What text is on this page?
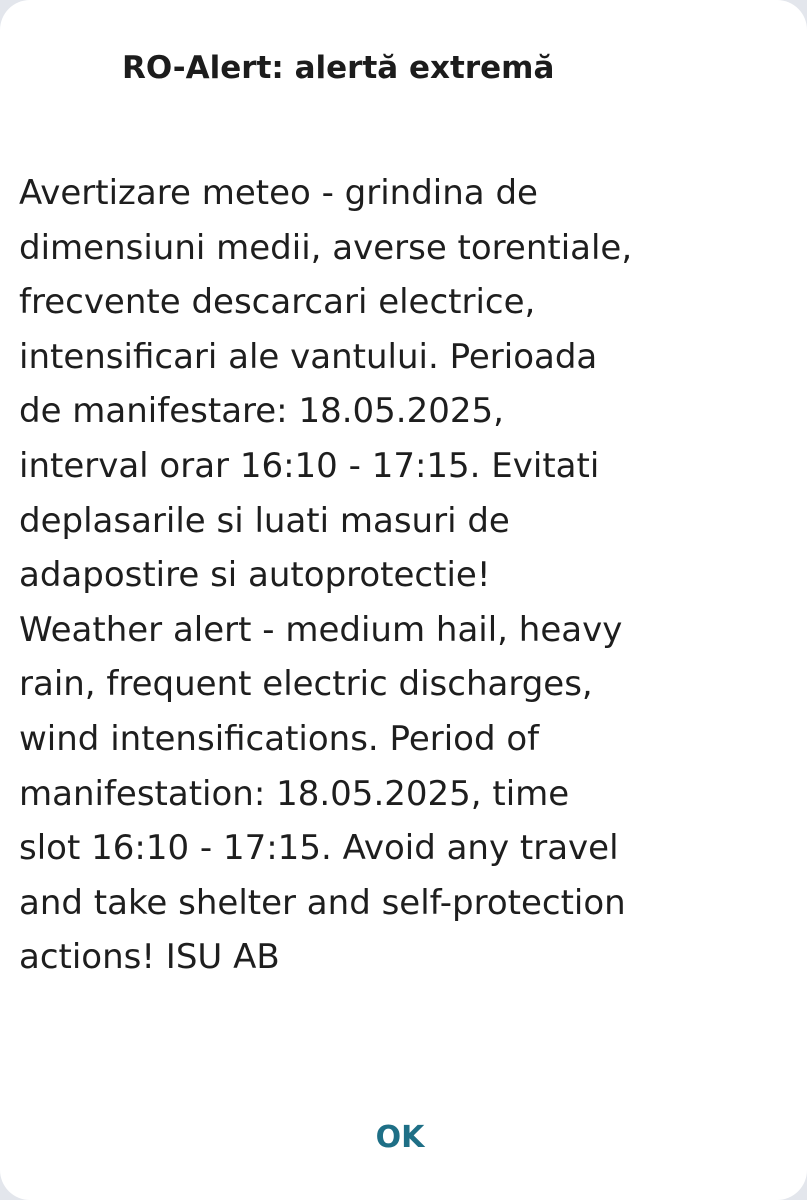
RO-Alert: alertă extremă
Avertizare meteo - grindina de
dimensiuni medii, averse torentiale,
frecvente descarcari electrice,
intensificari ale vantului. Perioada
de manifestare: 18.05.2025,
interval orar 16:10 - 17:15. Evitati
deplasarile si luati masuri de
adapostire si autoprotectie!
Weather alert - medium hail, heavy
rain, frequent electric discharges,
wind intensifications. Period of
manifestation: 18.05.2025, time
slot 16:10 - 17:15. Avoid any travel
and take shelter and self-protection
actions! ISU AB
OK
